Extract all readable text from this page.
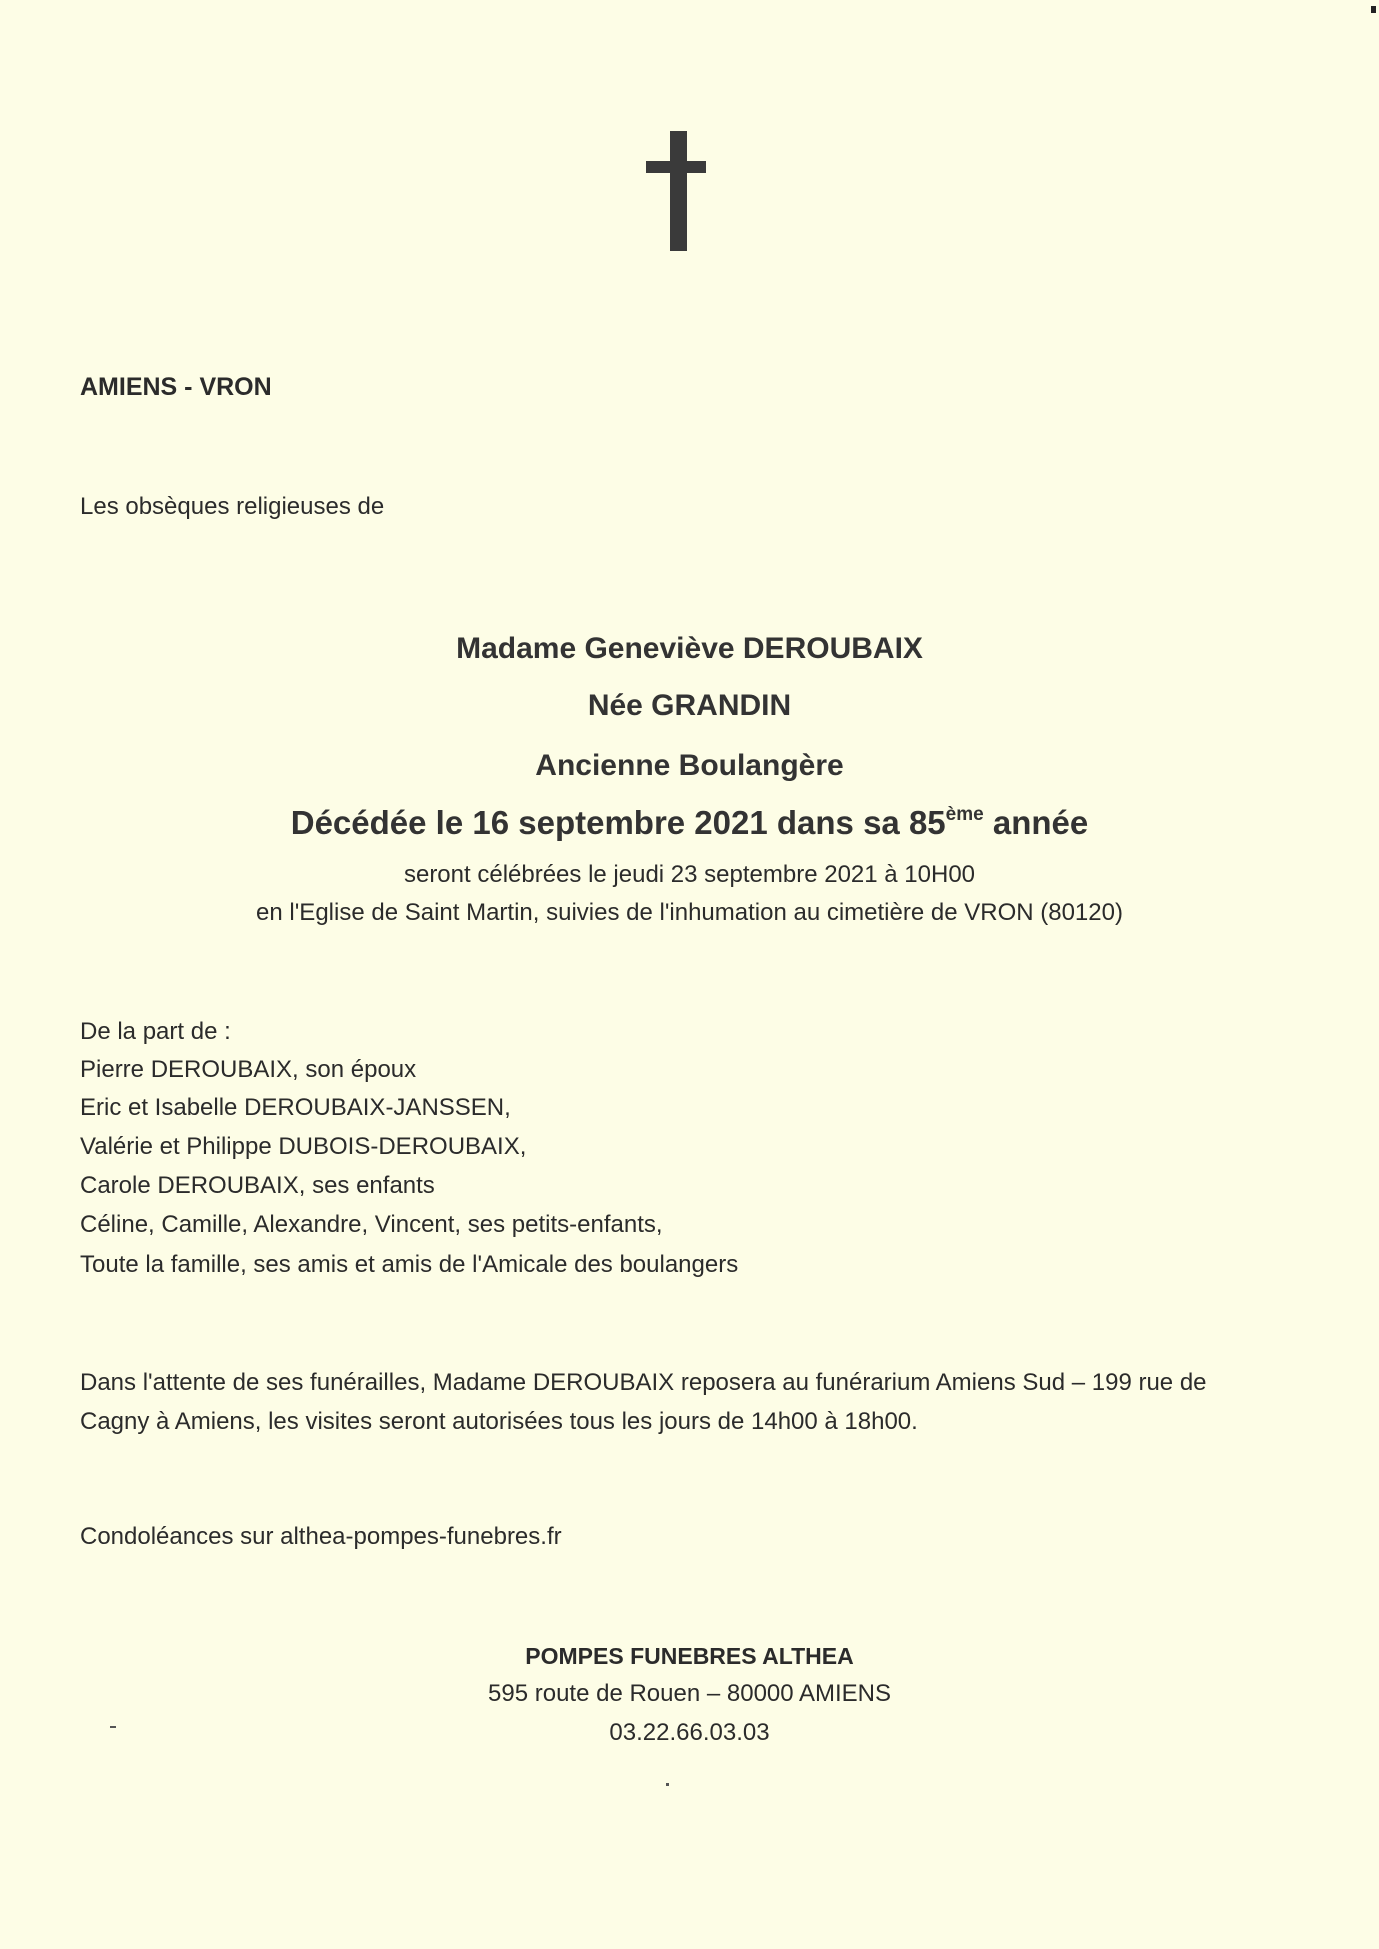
AMIENS - VRON
Les obsèques religieuses de
Madame Geneviève DEROUBAIX
Née GRANDIN
Ancienne Boulangère
Décédée le 16 septembre 2021 dans sa 85ème année
seront célébrées le jeudi 23 septembre 2021 à 10H00
en l'Eglise de Saint Martin, suivies de l'inhumation au cimetière de VRON (80120)
De la part de :
Pierre DEROUBAIX, son époux
Eric et Isabelle DEROUBAIX-JANSSEN,
Valérie et Philippe DUBOIS-DEROUBAIX,
Carole DEROUBAIX, ses enfants
Céline, Camille, Alexandre, Vincent, ses petits-enfants,
Toute la famille, ses amis et amis de l'Amicale des boulangers
Dans l'attente de ses funérailles, Madame DEROUBAIX reposera au funérarium Amiens Sud – 199 rue de
Cagny à Amiens, les visites seront autorisées tous les jours de 14h00 à 18h00.
Condoléances sur althea-pompes-funebres.fr
POMPES FUNEBRES ALTHEA
595 route de Rouen – 80000 AMIENS
03.22.66.03.03
